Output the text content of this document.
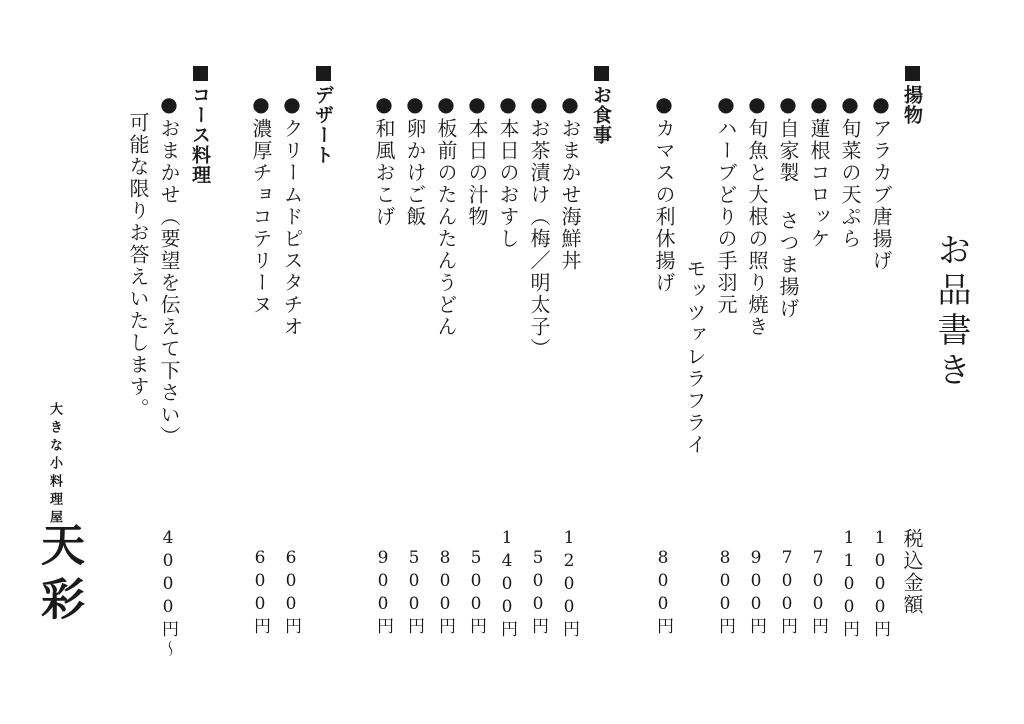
お品書き
税込金額
揚物
●アラカブ唐揚げ
1000円
●旬菜の天ぷら
1100円
●蓮根コロッケ
700円
●自家製 さつま揚げ
700円
●旬魚と大根の照り焼き
900円
●ハーブどりの手羽元
モッツァレラフライ
800円
●カマスの利休揚げ
800円
お食事
●おまかせ海鮮丼
1200円
●お茶漬け（梅／明太子）
500円
●本日のおすし
1400円
●本日の汁物
500円
●板前のたんたんうどん
800円
●卵かけご飯
500円
●和風おこげ
900円
デザート
●クリームドピスタチオ
600円
●濃厚チョコテリーヌ
600円
コース料理
●おまかせ（要望を伝えて下さい）
可能な限りお答えいたします。
4000円～
大きな小料理屋
天彩
